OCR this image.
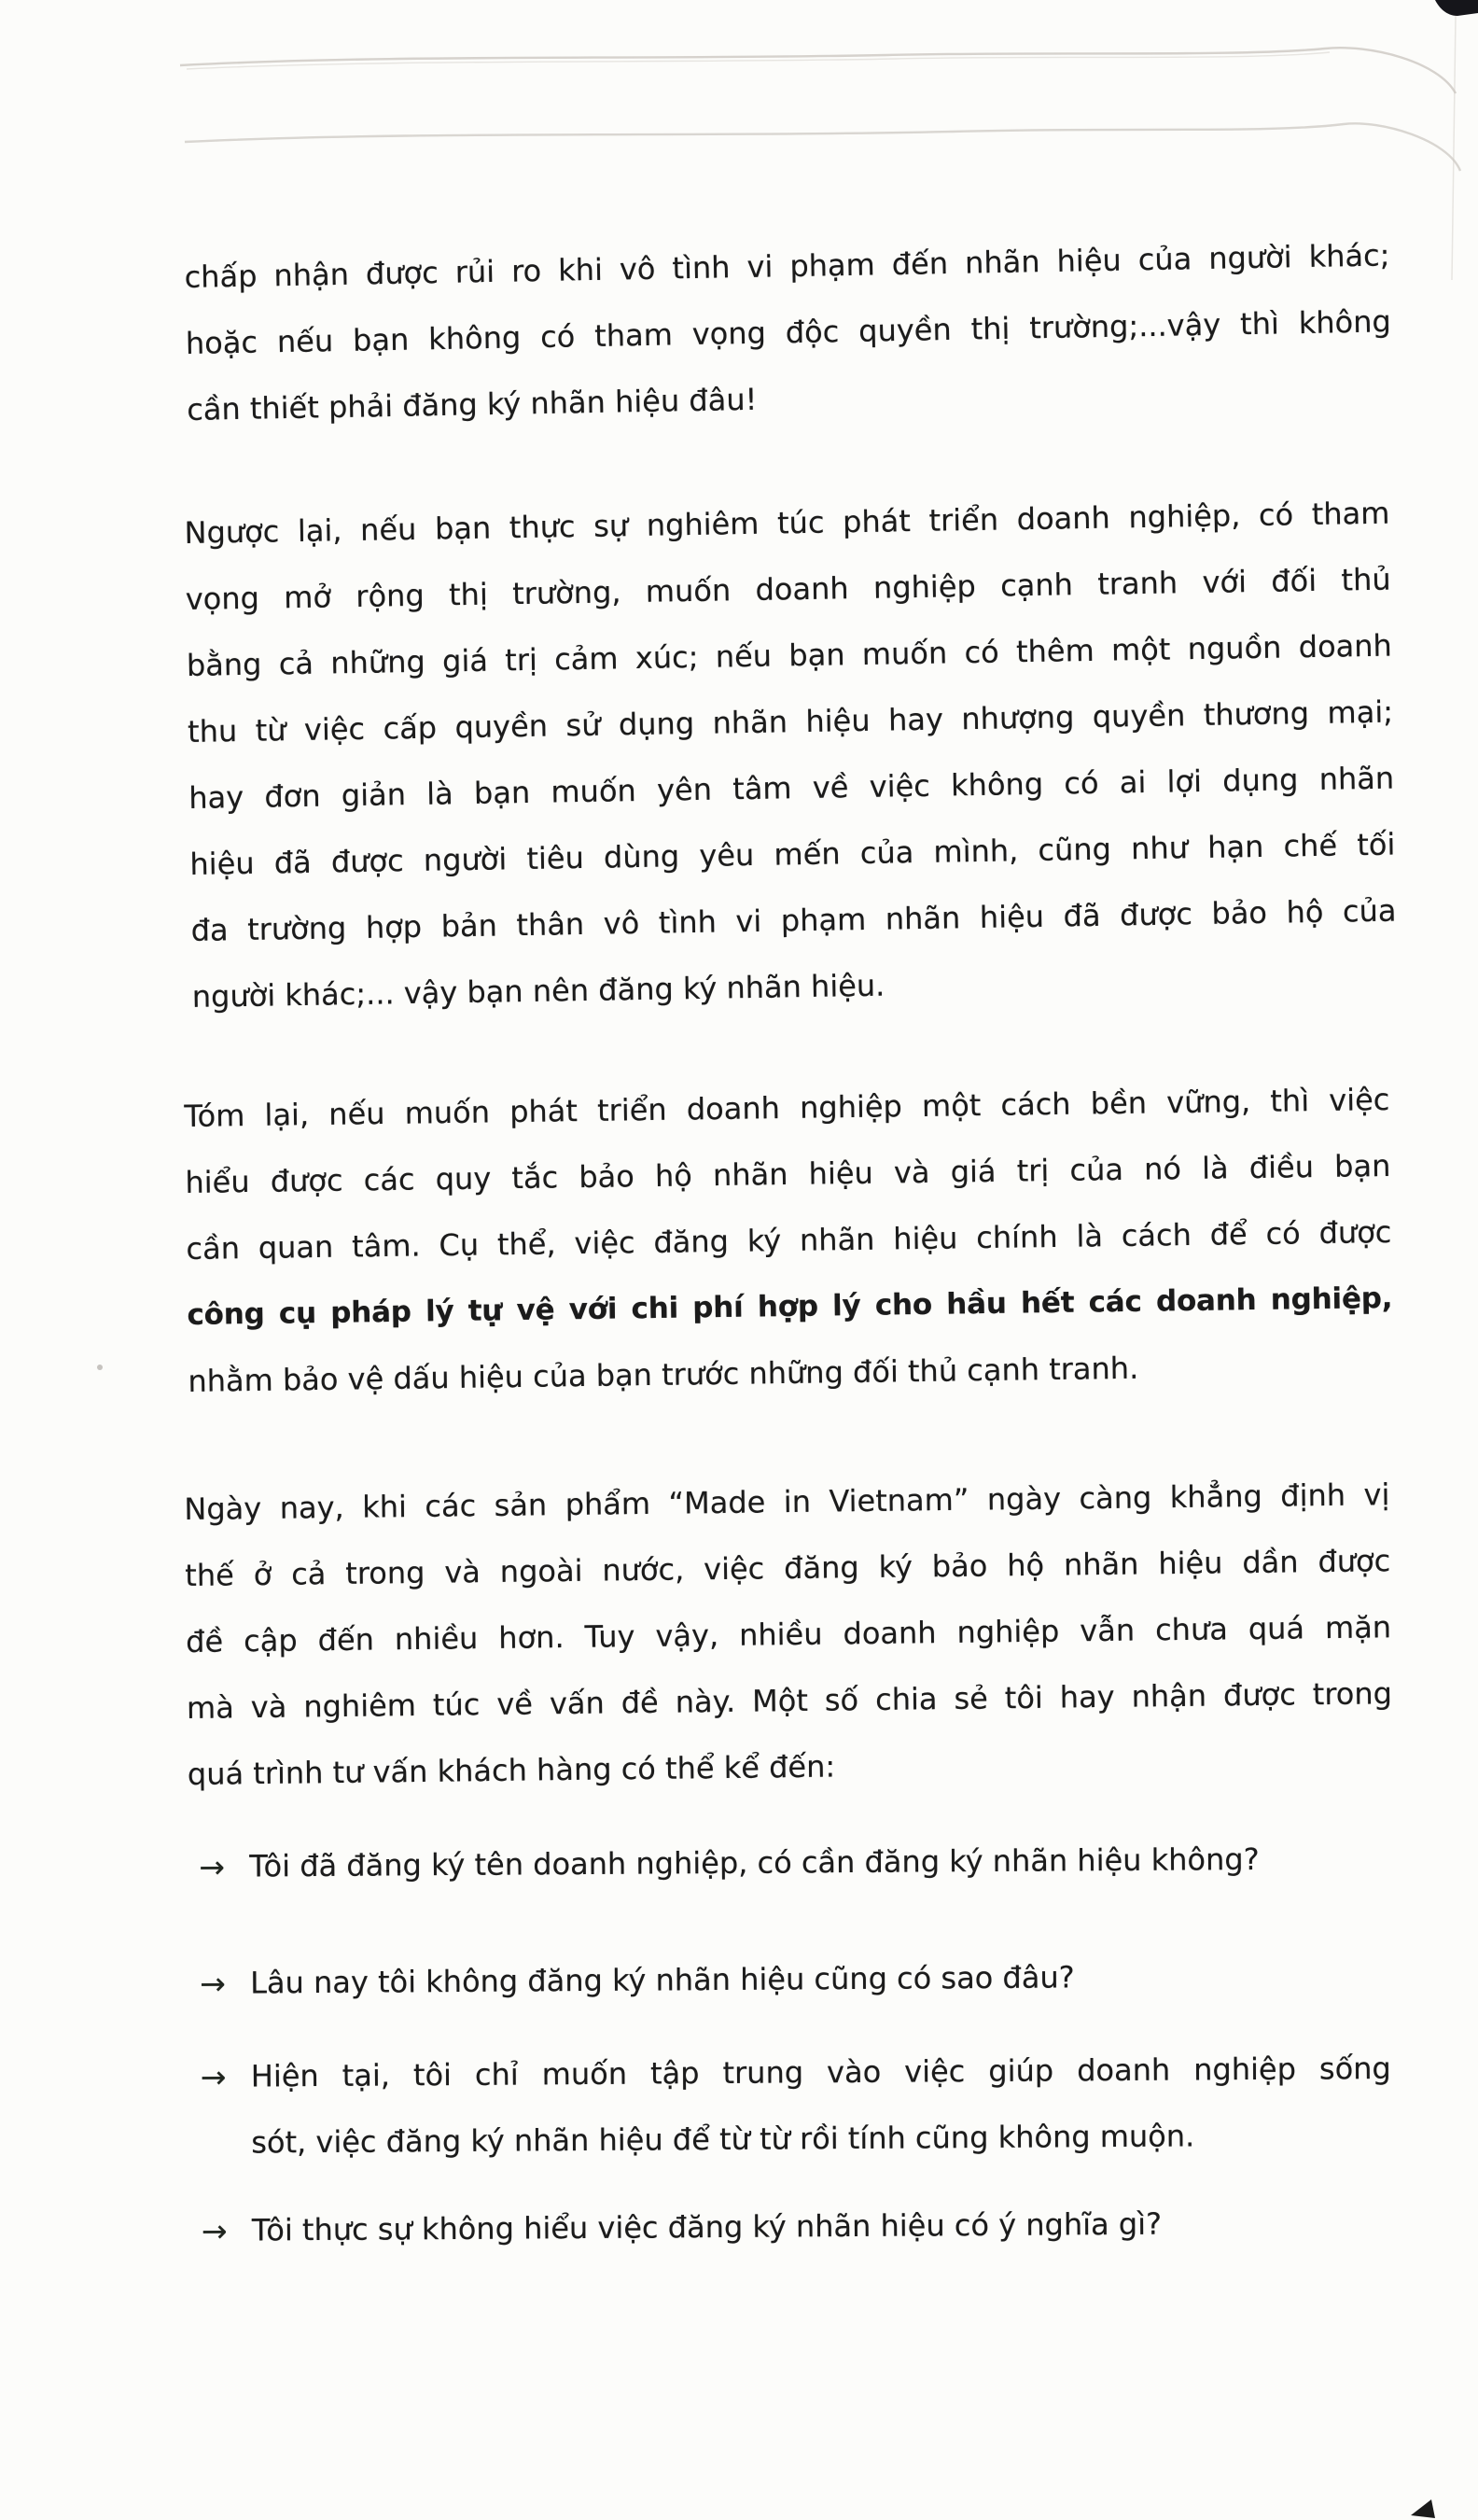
chấp nhận được rủi ro khi vô tình vi phạm đến nhãn hiệu của người khác;
hoặc nếu bạn không có tham vọng độc quyền thị trường;...vậy thì không
cần thiết phải đăng ký nhãn hiệu đâu!
Ngược lại, nếu bạn thực sự nghiêm túc phát triển doanh nghiệp, có tham
vọng mở rộng thị trường, muốn doanh nghiệp cạnh tranh với đối thủ
bằng cả những giá trị cảm xúc; nếu bạn muốn có thêm một nguồn doanh
thu từ việc cấp quyền sử dụng nhãn hiệu hay nhượng quyền thương mại;
hay đơn giản là bạn muốn yên tâm về việc không có ai lợi dụng nhãn
hiệu đã được người tiêu dùng yêu mến của mình, cũng như hạn chế tối
đa trường hợp bản thân vô tình vi phạm nhãn hiệu đã được bảo hộ của
người khác;... vậy bạn nên đăng ký nhãn hiệu.
Tóm lại, nếu muốn phát triển doanh nghiệp một cách bền vững, thì việc
hiểu được các quy tắc bảo hộ nhãn hiệu và giá trị của nó là điều bạn
cần quan tâm. Cụ thể, việc đăng ký nhãn hiệu chính là cách để có được
công cụ pháp lý tự vệ với chi phí hợp lý cho hầu hết các doanh nghiệp,
nhằm bảo vệ dấu hiệu của bạn trước những đối thủ cạnh tranh.
Ngày nay, khi các sản phẩm “Made in Vietnam” ngày càng khẳng định vị
thế ở cả trong và ngoài nước, việc đăng ký bảo hộ nhãn hiệu dần được
đề cập đến nhiều hơn. Tuy vậy, nhiều doanh nghiệp vẫn chưa quá mặn
mà và nghiêm túc về vấn đề này. Một số chia sẻ tôi hay nhận được trong
quá trình tư vấn khách hàng có thể kể đến:
→ Tôi đã đăng ký tên doanh nghiệp, có cần đăng ký nhãn hiệu không?
→ Lâu nay tôi không đăng ký nhãn hiệu cũng có sao đâu?
→ Hiện tại, tôi chỉ muốn tập trung vào việc giúp doanh nghiệp sống
sót, việc đăng ký nhãn hiệu để từ từ rồi tính cũng không muộn.
→ Tôi thực sự không hiểu việc đăng ký nhãn hiệu có ý nghĩa gì?
